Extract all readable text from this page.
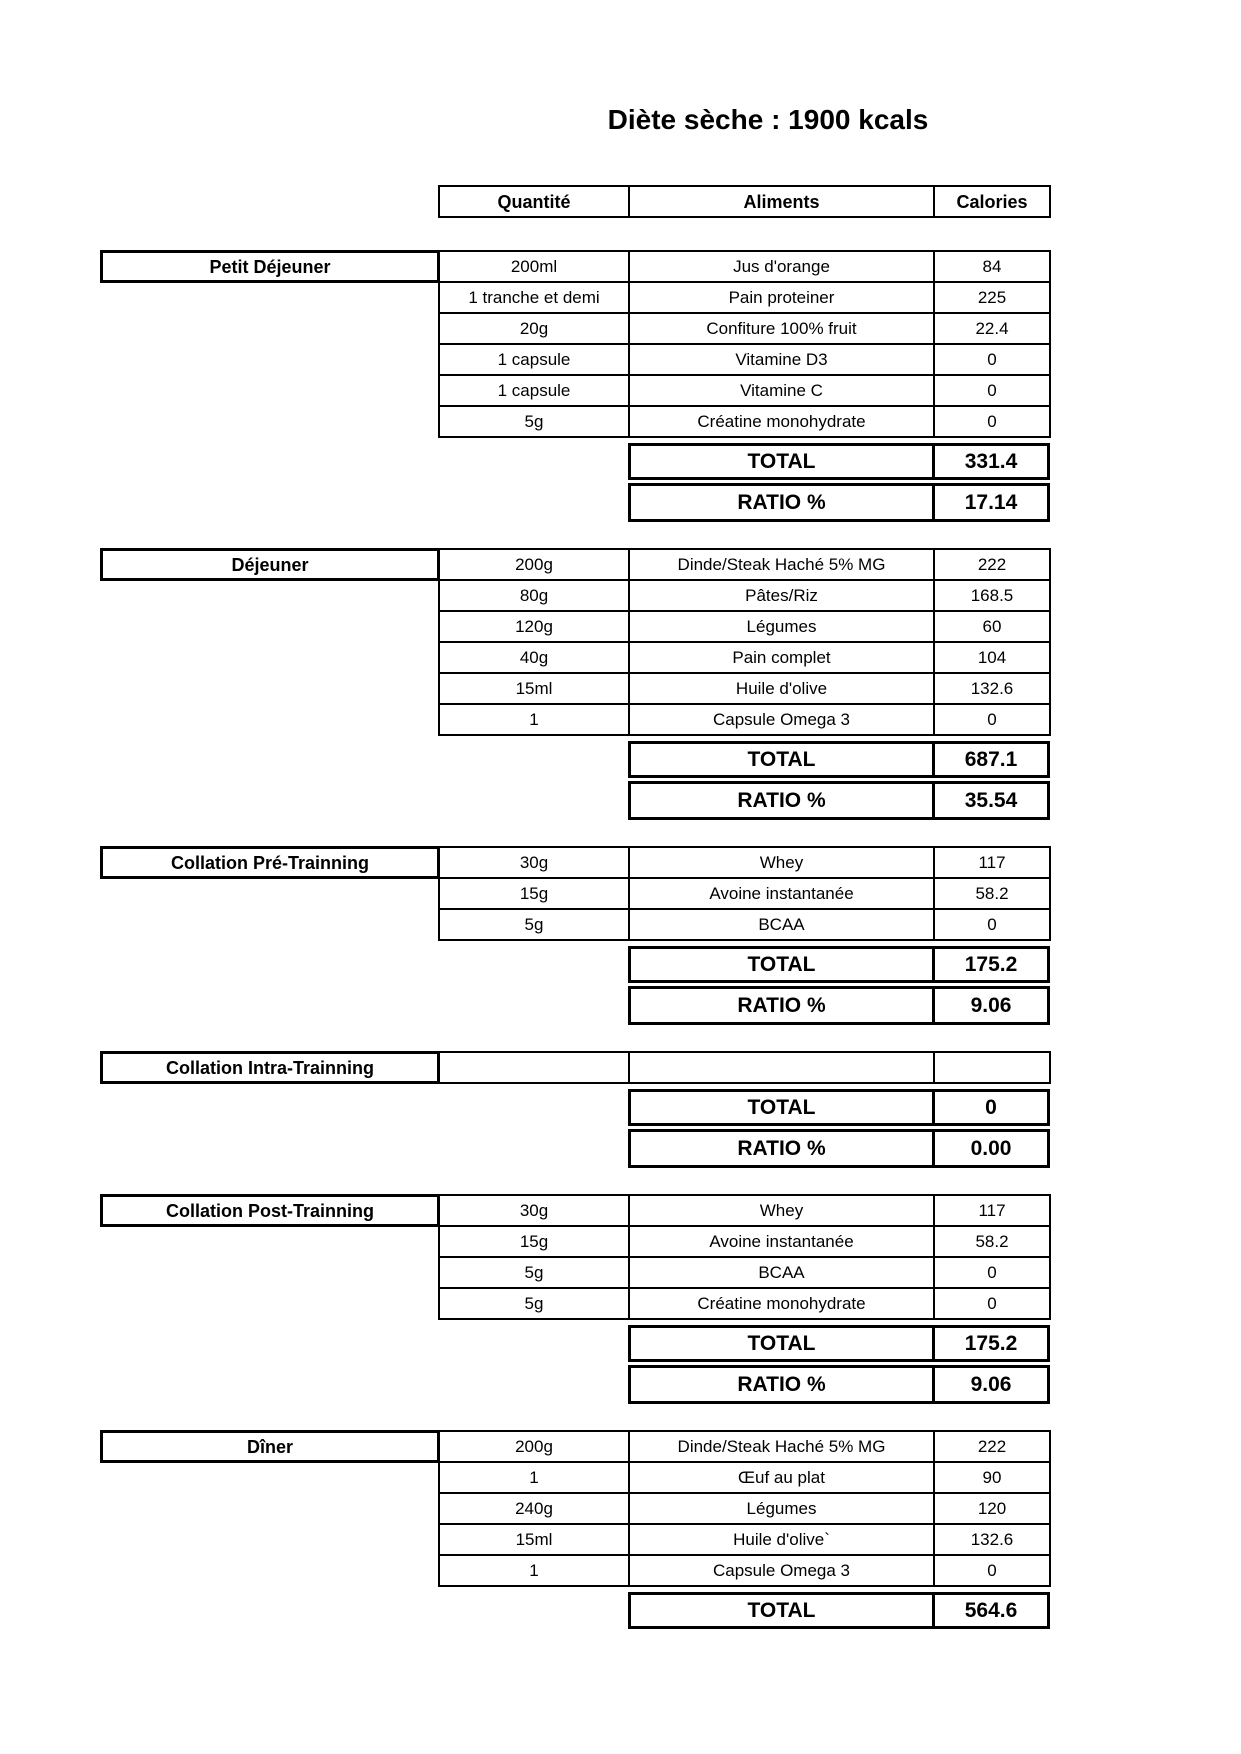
Diète sèche : 1900 kcals
Quantité	Aliments	Calories
Petit Déjeuner	200ml	Jus d'orange	84
1 tranche et demi	Pain proteiner	225
20g	Confiture 100% fruit	22.4
1 capsule	Vitamine D3	0
1 capsule	Vitamine C	0
5g	Créatine monohydrate	0
TOTAL	331.4
RATIO %	17.14
Déjeuner	200g	Dinde/Steak Haché 5% MG	222
80g	Pâtes/Riz	168.5
120g	Légumes	60
40g	Pain complet	104
15ml	Huile d'olive	132.6
1	Capsule Omega 3	0
TOTAL	687.1
RATIO %	35.54
Collation Pré-Trainning	30g	Whey	117
15g	Avoine instantanée	58.2
5g	BCAA	0
TOTAL	175.2
RATIO %	9.06
Collation Intra-Trainning
TOTAL	0
RATIO %	0.00
Collation Post-Trainning	30g	Whey	117
15g	Avoine instantanée	58.2
5g	BCAA	0
5g	Créatine monohydrate	0
TOTAL	175.2
RATIO %	9.06
Dîner	200g	Dinde/Steak Haché 5% MG	222
1	Œuf au plat	90
240g	Légumes	120
15ml	Huile d'olive`	132.6
1	Capsule Omega 3	0
TOTAL	564.6
